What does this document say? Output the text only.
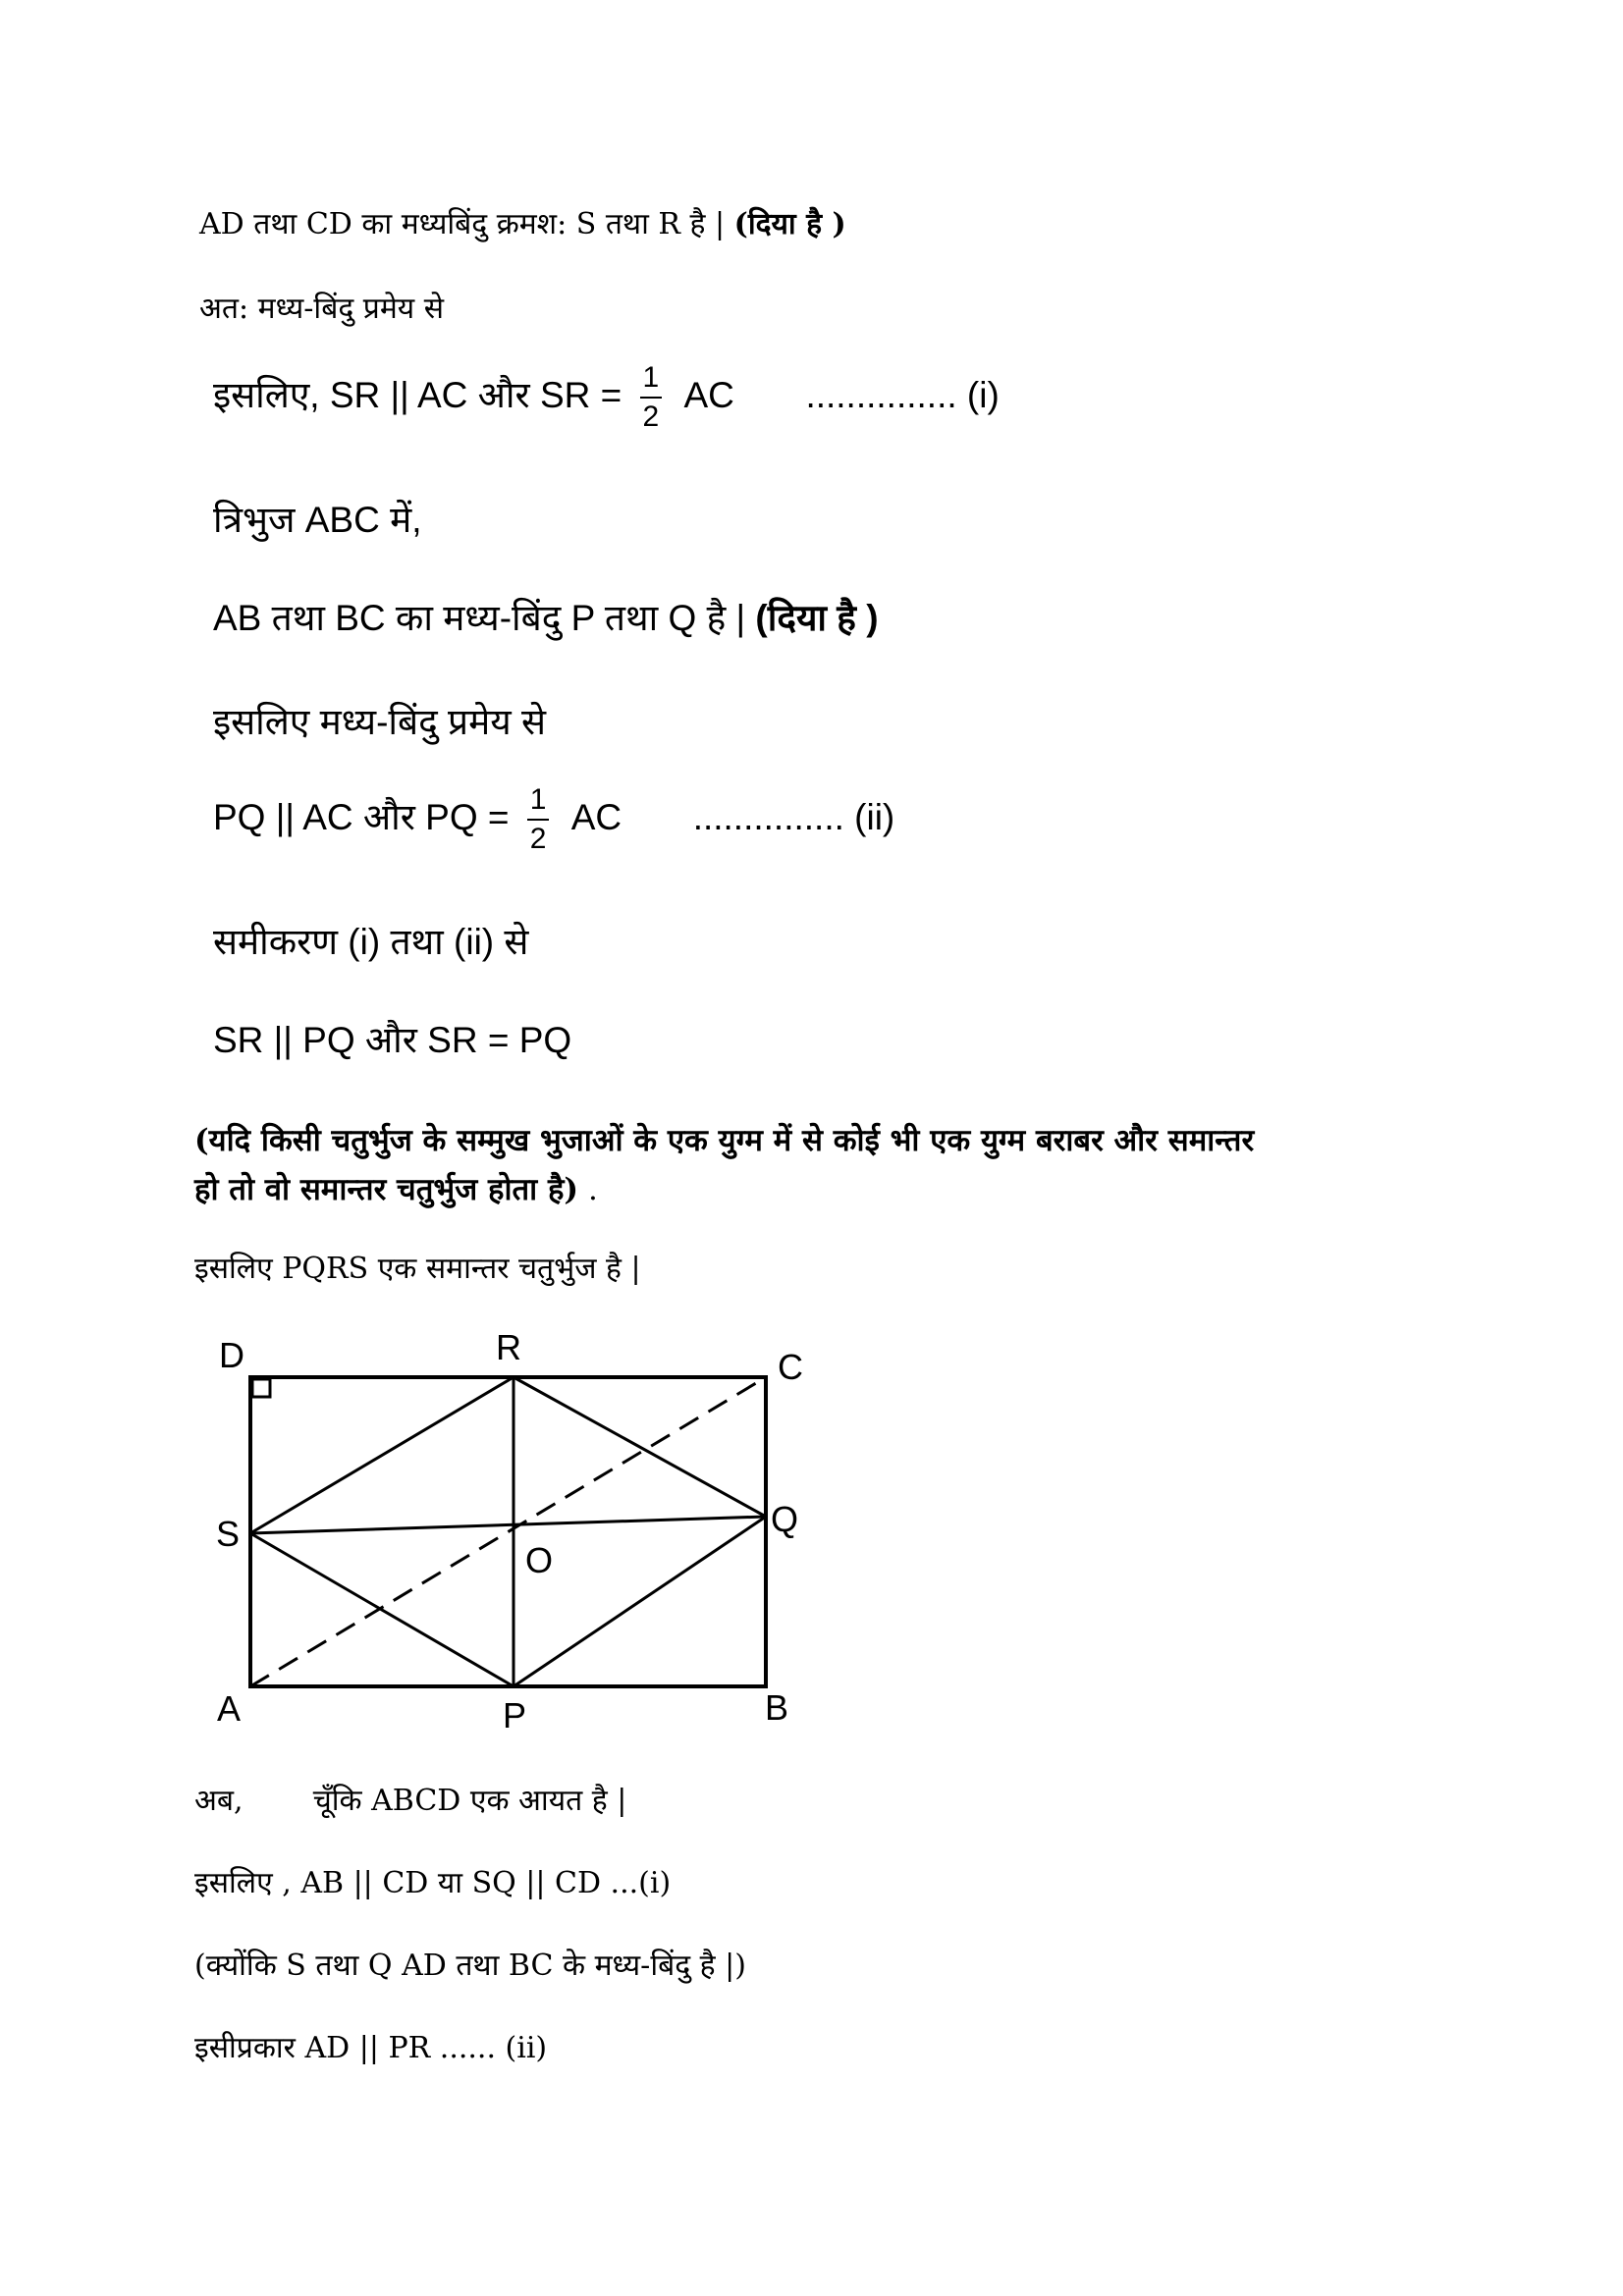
AD तथा CD का मध्यबिंदु क्रमश: S तथा R है | (दिया है )
अत: मध्य-बिंदु प्रमेय से
इसलिए, SR || AC और SR = $\frac{1}{2}$ AC ............... (i)
त्रिभुज ABC में,
AB तथा BC का मध्य-बिंदु P तथा Q है | (दिया है )
इसलिए मध्य-बिंदु प्रमेय से
PQ || AC और PQ = $\frac{1}{2}$ AC ............... (ii)
समीकरण (i) तथा (ii) से
SR || PQ और SR = PQ
(यदि किसी चतुर्भुज के सम्मुख भुजाओं के एक युग्म में से कोई भी एक युग्म बराबर और समान्तर
हो तो वो समान्तर चतुर्भुज होता है) .
इसलिए PQRS एक समान्तर चतुर्भुज है |
D	R	C
S	Q
O
A	P	B
अब, चूँकि ABCD एक आयत है |
इसलिए , AB || CD या SQ || CD ...(i)
(क्योंकि S तथा Q AD तथा BC के मध्य-बिंदु है |)
इसीप्रकार AD || PR ...... (ii)
